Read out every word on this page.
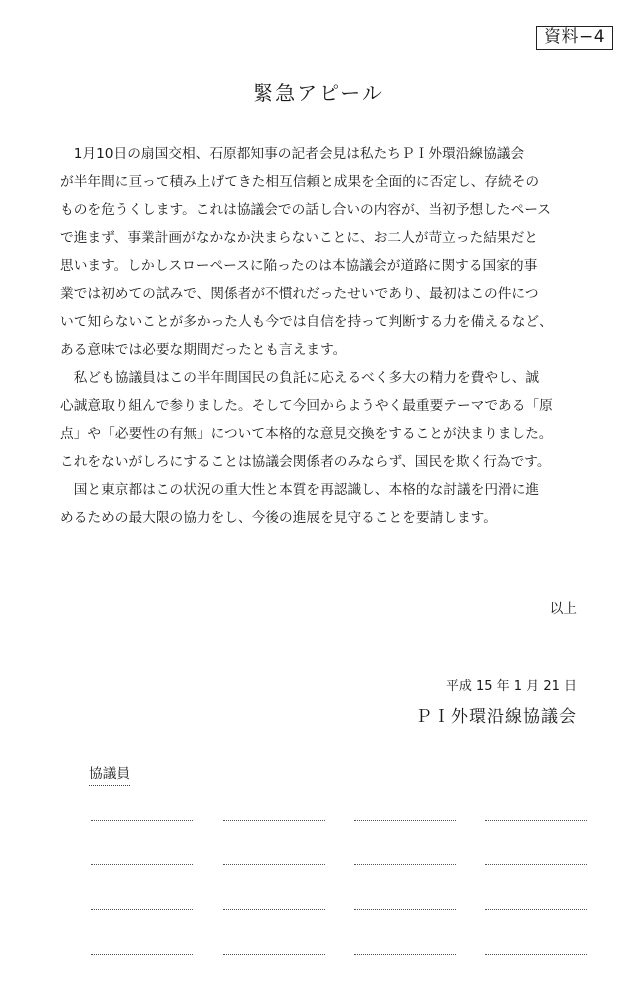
資料−4
緊急アピール
　1月10日の扇国交相、石原都知事の記者会見は私たちＰＩ外環沿線協議会
が半年間に亘って積み上げてきた相互信頼と成果を全面的に否定し、存続その
ものを危うくします。これは協議会での話し合いの内容が、当初予想したペース
で進まず、事業計画がなかなか決まらないことに、お二人が苛立った結果だと
思います。しかしスローペースに陥ったのは本協議会が道路に関する国家的事
業では初めての試みで、関係者が不慣れだったせいであり、最初はこの件につ
いて知らないことが多かった人も今では自信を持って判断する力を備えるなど、
ある意味では必要な期間だったとも言えます。
　私ども協議員はこの半年間国民の負託に応えるべく多大の精力を費やし、誠
心誠意取り組んで参りました。そして今回からようやく最重要テーマである「原
点」や「必要性の有無」について本格的な意見交換をすることが決まりました。
これをないがしろにすることは協議会関係者のみならず、国民を欺く行為です。
　国と東京都はこの状況の重大性と本質を再認識し、本格的な討議を円滑に進
めるための最大限の協力をし、今後の進展を見守ることを要請します。
以上
平成 15 年 1 月 21 日
ＰＩ外環沿線協議会
協議員
